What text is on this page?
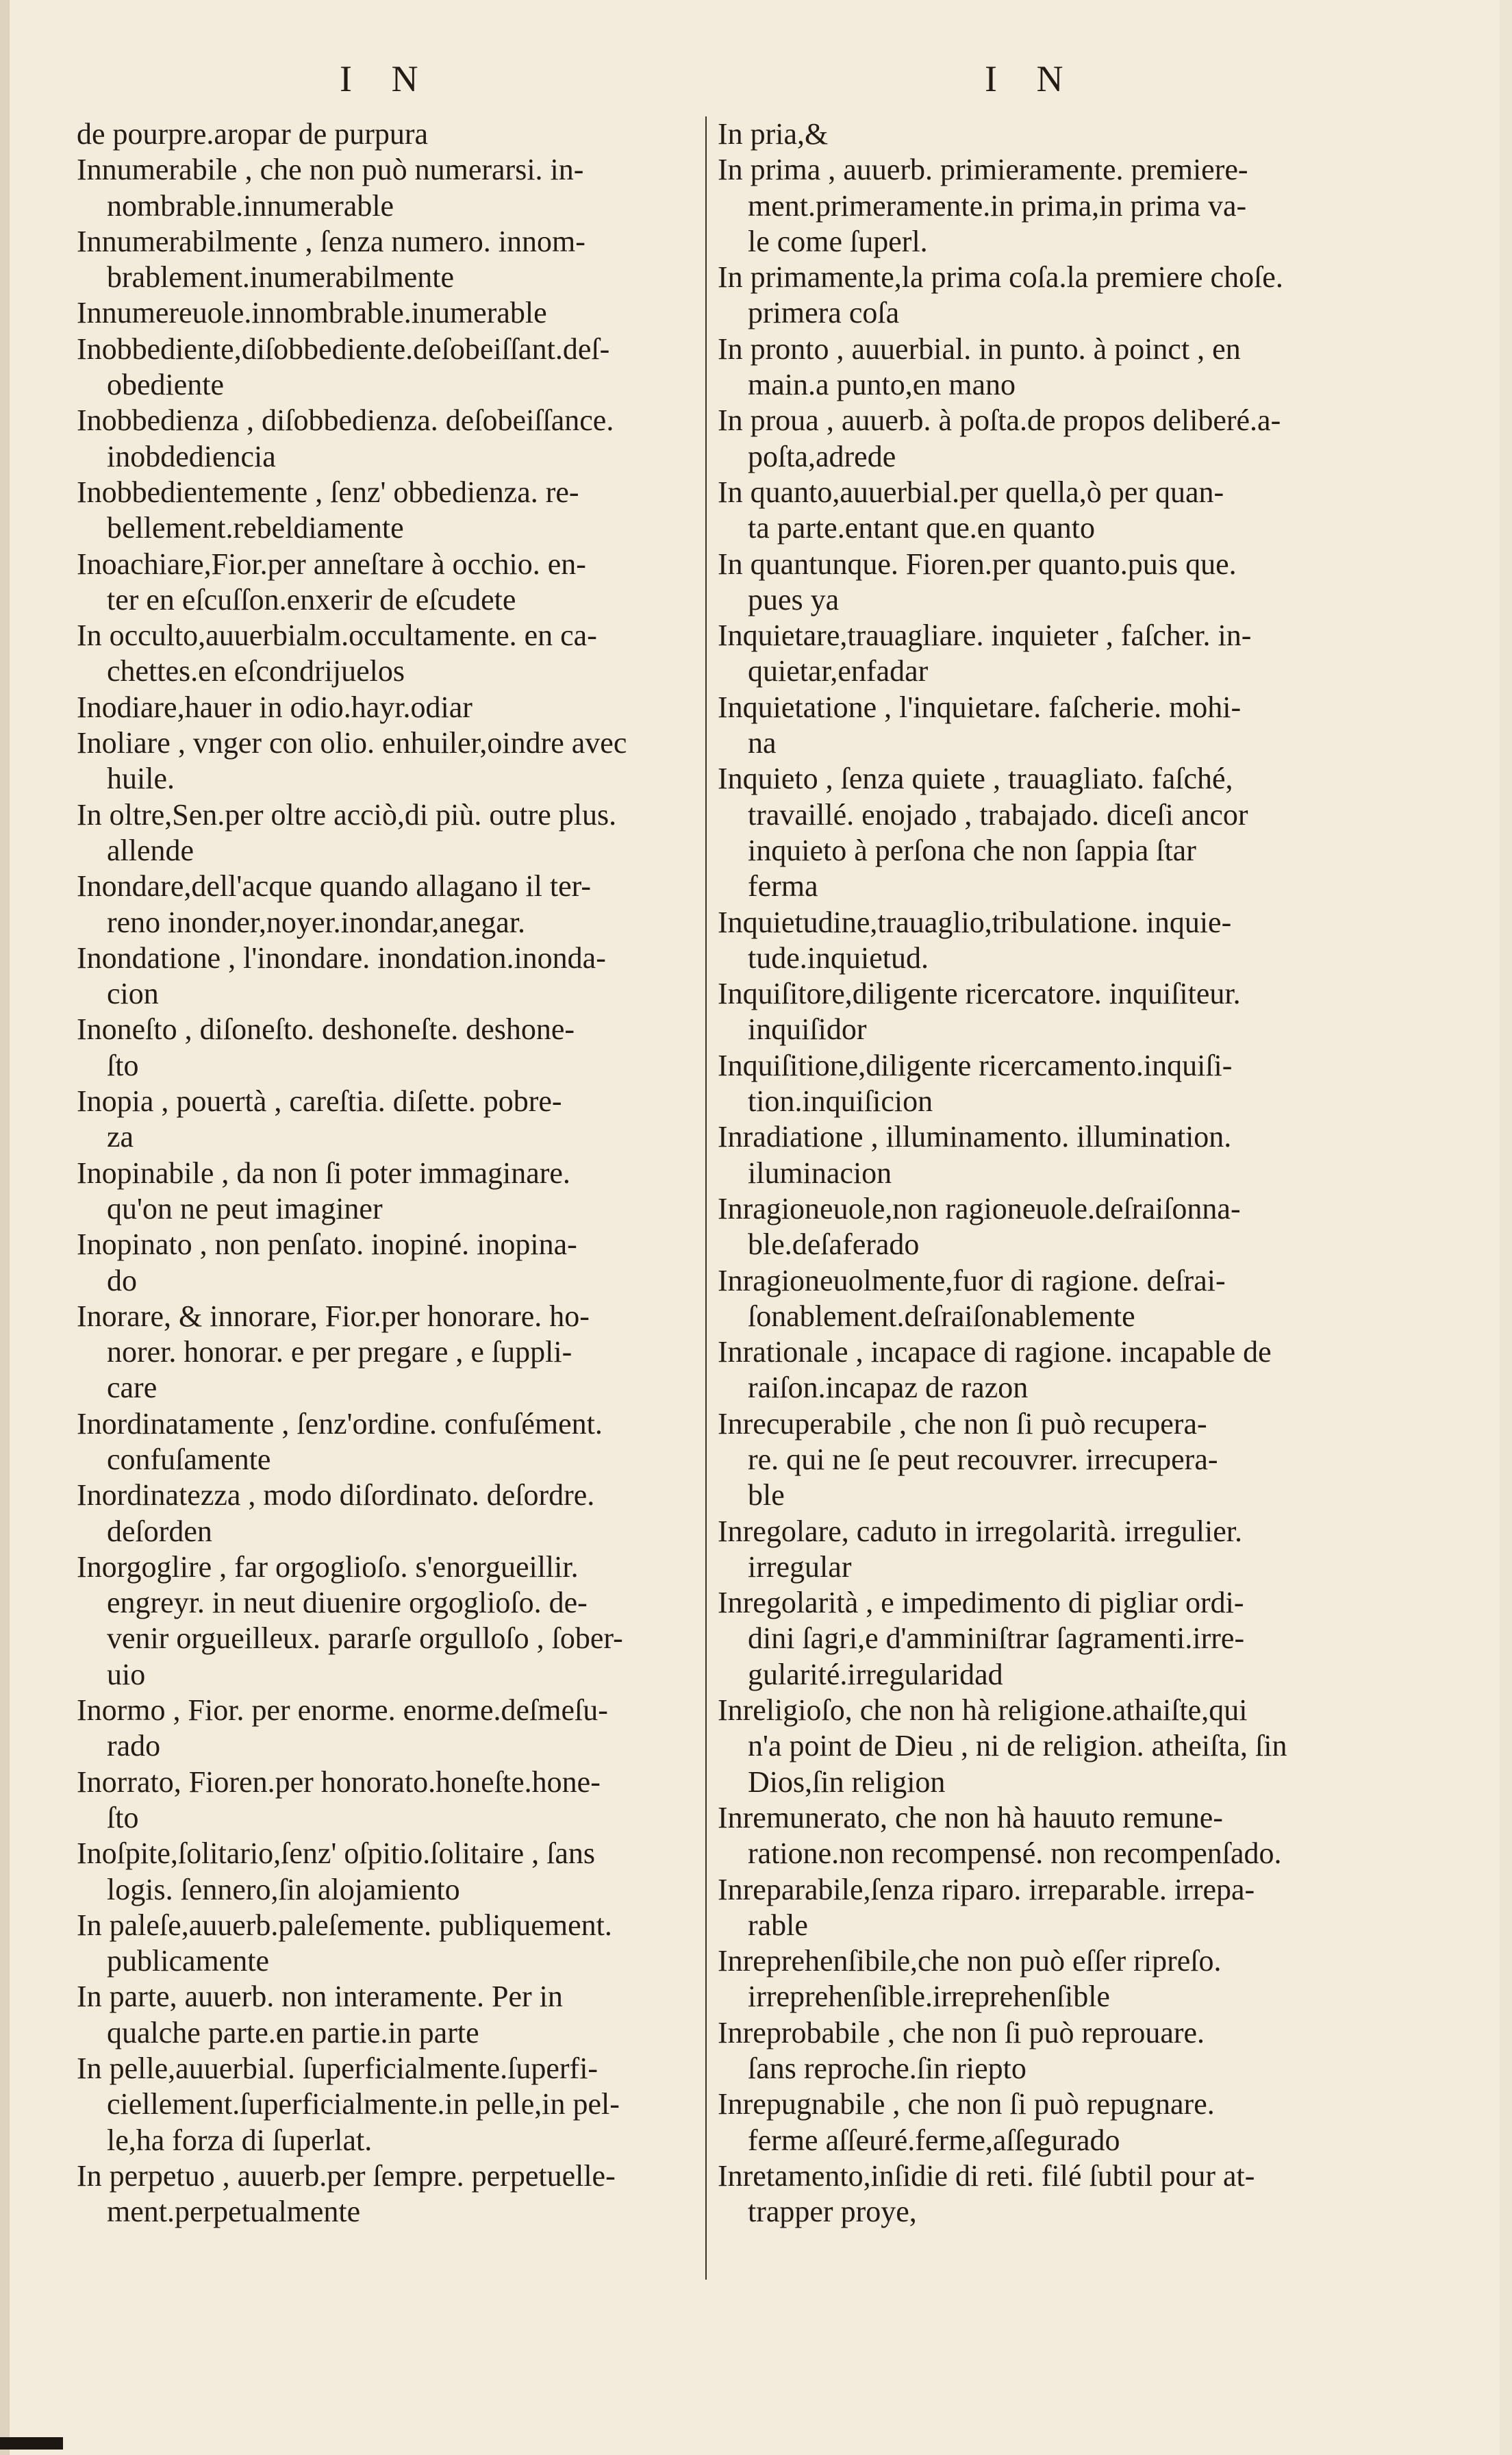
I N	I N

de pourpre.aropar de purpura

Innumerabile , che non può numerarsi. in-
nombrable.innumerable

Innumerabilmente , ſenza numero. innom-
brablement.inumerabilmente

Innumereuole.innombrable.inumerable

Inobbediente,diſobbediente.deſobeiſſant.deſ-
obediente

Inobbedienza , diſobbedienza. deſobeiſſance.
inobdediencia

Inobbedientemente , ſenz' obbedienza. re-
bellement.rebeldiamente

Inoachiare,Fior.per anneſtare à occhio. en-
ter en eſcuſſon.enxerir de eſcudete

In occulto,auuerbialm.occultamente. en ca-
chettes.en eſcondrijuelos

Inodiare,hauer in odio.hayr.odiar

Inoliare , vnger con olio. enhuiler,oindre avec
huile.

In oltre,Sen.per oltre acciò,di più. outre plus.
allende

Inondare,dell'acque quando allagano il ter-
reno inonder,noyer.inondar,anegar.

Inondatione , l'inondare. inondation.inonda-
cion

Inoneſto , diſoneſto. deshoneſte. deshone-
ſto

Inopia , pouertà , careſtia. diſette. pobre-
za

Inopinabile , da non ſi poter immaginare.
qu'on ne peut imaginer

Inopinato , non penſato. inopiné. inopina-
do

Inorare, & innorare, Fior.per honorare. ho-
norer. honorar. e per pregare , e ſuppli-
care

Inordinatamente , ſenz'ordine. confuſément.
confuſamente

Inordinatezza , modo diſordinato. deſordre.
deſorden

Inorgoglire , far orgoglioſo. s'enorgueillir.
engreyr. in neut diuenire orgoglioſo. de-
venir orgueilleux. pararſe orgulloſo , ſober-
uio

Inormo , Fior. per enorme. enorme.deſmeſu-
rado

Inorrato, Fioren.per honorato.honeſte.hone-
ſto

Inoſpite,ſolitario,ſenz' oſpitio.ſolitaire , ſans
logis. ſennero,ſin alojamiento

In paleſe,auuerb.paleſemente. publiquement.
publicamente

In parte, auuerb. non interamente. Per in
qualche parte.en partie.in parte

In pelle,auuerbial. ſuperficialmente.ſuperfi-
ciellement.ſuperficialmente.in pelle,in pel-
le,ha forza di ſuperlat.

In perpetuo , auuerb.per ſempre. perpetuelle-
ment.perpetualmente

In pria,&

In prima , auuerb. primieramente. premiere-
ment.primeramente.in prima,in prima va-
le come ſuperl.

In primamente,la prima coſa.la premiere choſe.
primera coſa

In pronto , auuerbial. in punto. à poinct , en
main.a punto,en mano

In proua , auuerb. à poſta.de propos deliberé.a-
poſta,adrede

In quanto,auuerbial.per quella,ò per quan-
ta parte.entant que.en quanto

In quantunque. Fioren.per quanto.puis que.
pues ya

Inquietare,trauagliare. inquieter , faſcher. in-
quietar,enfadar

Inquietatione , l'inquietare. faſcherie. mohi-
na

Inquieto , ſenza quiete , trauagliato. faſché,
travaillé. enojado , trabajado. diceſi ancor
inquieto à perſona che non ſappia ſtar
ferma

Inquietudine,trauaglio,tribulatione. inquie-
tude.inquietud.

Inquiſitore,diligente ricercatore. inquiſiteur.
inquiſidor

Inquiſitione,diligente ricercamento.inquiſi-
tion.inquiſicion

Inradiatione , illuminamento. illumination.
iluminacion

Inragioneuole,non ragioneuole.deſraiſonna-
ble.deſaferado

Inragioneuolmente,fuor di ragione. deſrai-
ſonablement.deſraiſonablemente

Inrationale , incapace di ragione. incapable de
raiſon.incapaz de razon

Inrecuperabile , che non ſi può recupera-
re. qui ne ſe peut recouvrer. irrecupera-
ble

Inregolare, caduto in irregolarità. irregulier.
irregular

Inregolarità , e impedimento di pigliar ordi-
dini ſagri,e d'amminiſtrar ſagramenti.irre-
gularité.irregularidad

Inreligioſo, che non hà religione.athaiſte,qui
n'a point de Dieu , ni de religion. atheiſta, ſin
Dios,ſin religion

Inremunerato, che non hà hauuto remune-
ratione.non recompensé. non recompenſado.

Inreparabile,ſenza riparo. irreparable. irrepa-
rable

Inreprehenſibile,che non può eſſer ripreſo.
irreprehenſible.irreprehenſible

Inreprobabile , che non ſi può reprouare.
ſans reproche.ſin riepto

Inrepugnabile , che non ſi può repugnare.
ferme aſſeuré.ferme,aſſegurado

Inretamento,inſidie di reti. filé ſubtil pour at-
trapper proye,
